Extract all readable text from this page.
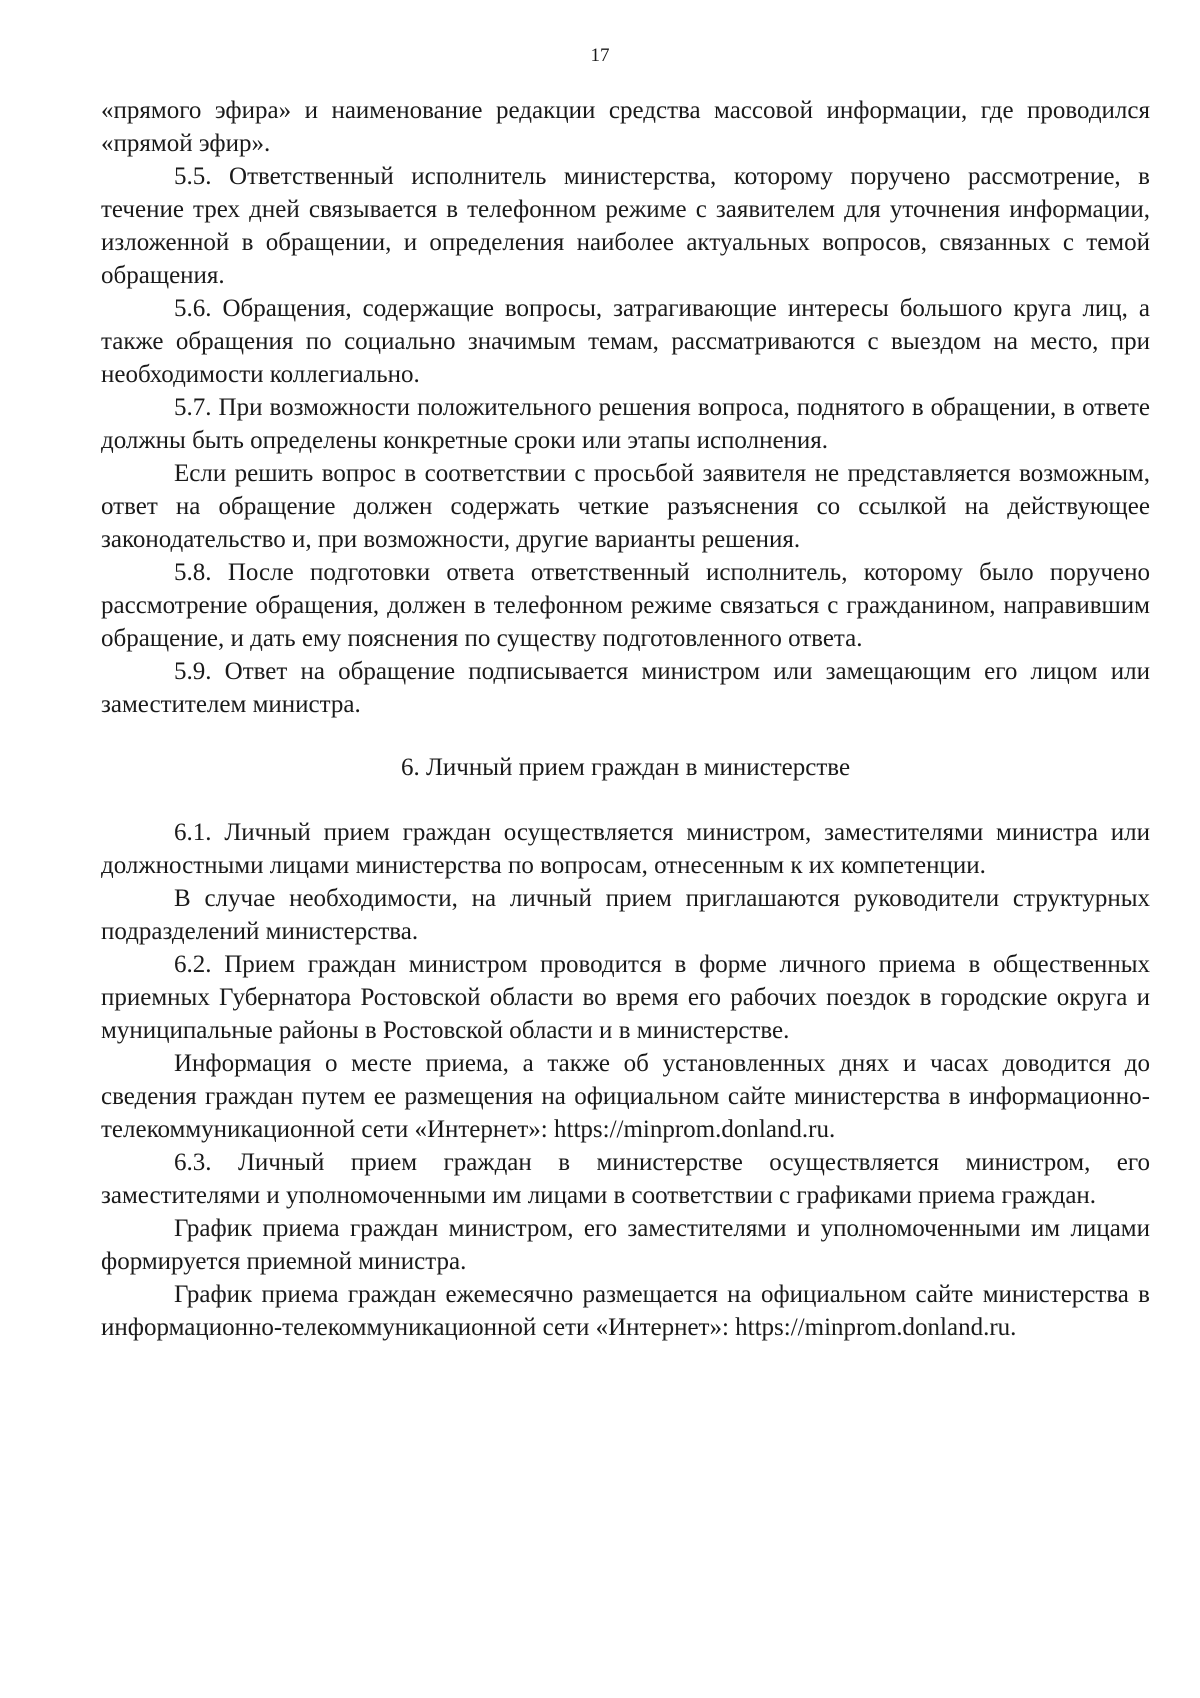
17

«прямого эфира» и наименование редакции средства массовой информации, где проводился «прямой эфир».

5.5. Ответственный исполнитель министерства, которому поручено рассмотрение, в течение трех дней связывается в телефонном режиме с заявителем для уточнения информации, изложенной в обращении, и определения наиболее актуальных вопросов, связанных с темой обращения.

5.6. Обращения, содержащие вопросы, затрагивающие интересы большого круга лиц, а также обращения по социально значимым темам, рассматриваются с выездом на место, при необходимости коллегиально.

5.7. При возможности положительного решения вопроса, поднятого в обращении, в ответе должны быть определены конкретные сроки или этапы исполнения.

Если решить вопрос в соответствии с просьбой заявителя не представляется возможным, ответ на обращение должен содержать четкие разъяснения со ссылкой на действующее законодательство и, при возможности, другие варианты решения.

5.8. После подготовки ответа ответственный исполнитель, которому было поручено рассмотрение обращения, должен в телефонном режиме связаться с гражданином, направившим обращение, и дать ему пояснения по существу подготовленного ответа.

5.9. Ответ на обращение подписывается министром или замещающим его лицом или заместителем министра.

6. Личный прием граждан в министерстве

6.1. Личный прием граждан осуществляется министром, заместителями министра или должностными лицами министерства по вопросам, отнесенным к их компетенции.

В случае необходимости, на личный прием приглашаются руководители структурных подразделений министерства.

6.2. Прием граждан министром проводится в форме личного приема в общественных приемных Губернатора Ростовской области во время его рабочих поездок в городские округа и муниципальные районы в Ростовской области и в министерстве.

Информация о месте приема, а также об установленных днях и часах доводится до сведения граждан путем ее размещения на официальном сайте министерства в информационно-телекоммуникационной сети «Интернет»: https://minprom.donland.ru.

6.3. Личный прием граждан в министерстве осуществляется министром, его заместителями и уполномоченными им лицами в соответствии с графиками приема граждан.

График приема граждан министром, его заместителями и уполномоченными им лицами формируется приемной министра.

График приема граждан ежемесячно размещается на официальном сайте министерства в информационно-телекоммуникационной сети «Интернет»: https://minprom.donland.ru.
